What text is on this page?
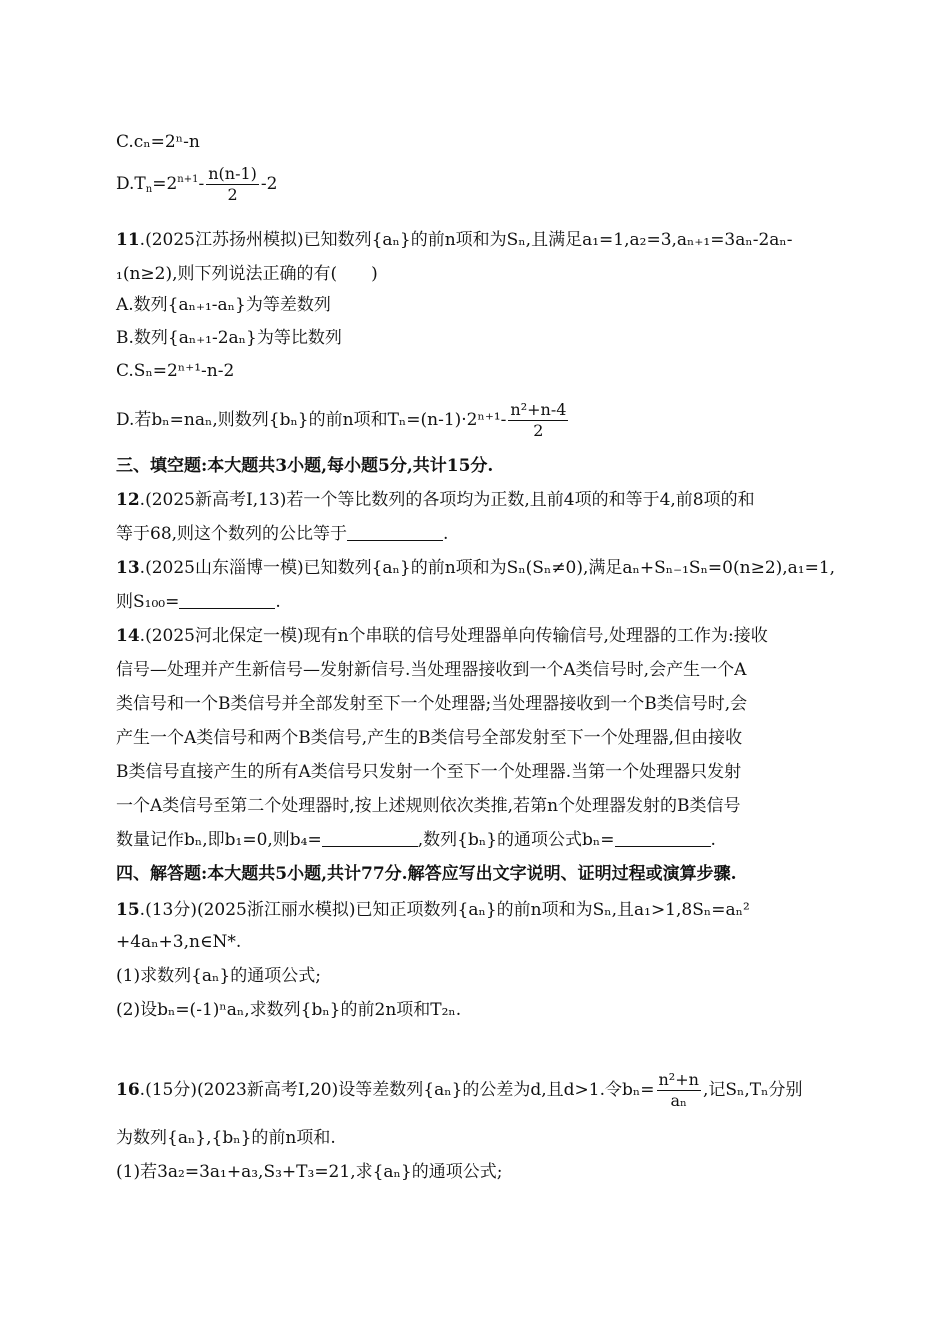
C.cₙ=2ⁿ-n
$D.T_n=2^{n+1}- \frac{n(n-1)}{2} -2$
11.(2025江苏扬州模拟)已知数列{aₙ}的前n项和为Sₙ,且满足a₁=1,a₂=3,aₙ₊₁=3aₙ-2aₙ-
₁(n≥2),则下列说法正确的有(　　)
A.数列{aₙ₊₁-aₙ}为等差数列
B.数列{aₙ₊₁-2aₙ}为等比数列
C.Sₙ=2ⁿ⁺¹-n-2
D.若bₙ=naₙ,则数列{bₙ}的前n项和$T_n=(n-1)\cdot 2^{n+1}- \frac{\text{n²+n-4}}{2}$
三、填空题:本大题共3小题,每小题5分,共计15分.
12.(2025新高考Ⅰ,13)若一个等比数列的各项均为正数,且前4项的和等于4,前8项的和
等于68,则这个数列的公比等于	.
13.(2025山东淄博一模)已知数列{aₙ}的前n项和为Sₙ(Sₙ≠0),满足aₙ+Sₙ₋₁Sₙ=0(n≥2),a₁=1,
则S₁₀₀=	.
14.(2025河北保定一模)现有n个串联的信号处理器单向传输信号,处理器的工作为:接收
信号—处理并产生新信号—发射新信号.当处理器接收到一个A类信号时,会产生一个A
类信号和一个B类信号并全部发射至下一个处理器;当处理器接收到一个B类信号时,会
产生一个A类信号和两个B类信号,产生的B类信号全部发射至下一个处理器,但由接收
B类信号直接产生的所有A类信号只发射一个至下一个处理器.当第一个处理器只发射
一个A类信号至第二个处理器时,按上述规则依次类推,若第n个处理器发射的B类信号
数量记作bₙ,即b₁=0,则b₄=	,数列{bₙ}的通项公式bₙ=	.
四、解答题:本大题共5小题,共计77分.解答应写出文字说明、证明过程或演算步骤.
15.(13分)(2025浙江丽水模拟)已知正项数列{aₙ}的前n项和为Sₙ,且a₁>1,8Sₙ=aₙ²
+4aₙ+3,n∈N*.
(1)求数列{aₙ}的通项公式;
(2)设bₙ=(-1)ⁿaₙ,求数列{bₙ}的前2n项和T₂ₙ.
16.(15分)(2023新高考Ⅰ,20)设等差数列{aₙ}的公差为d,且d>1.令$b_n= \frac{\text{n²+n}}{\text{aₙ}}$ ,记Sₙ,Tₙ分别
为数列{aₙ},{bₙ}的前n项和.
(1)若3a₂=3a₁+a₃,S₃+T₃=21,求{aₙ}的通项公式;
